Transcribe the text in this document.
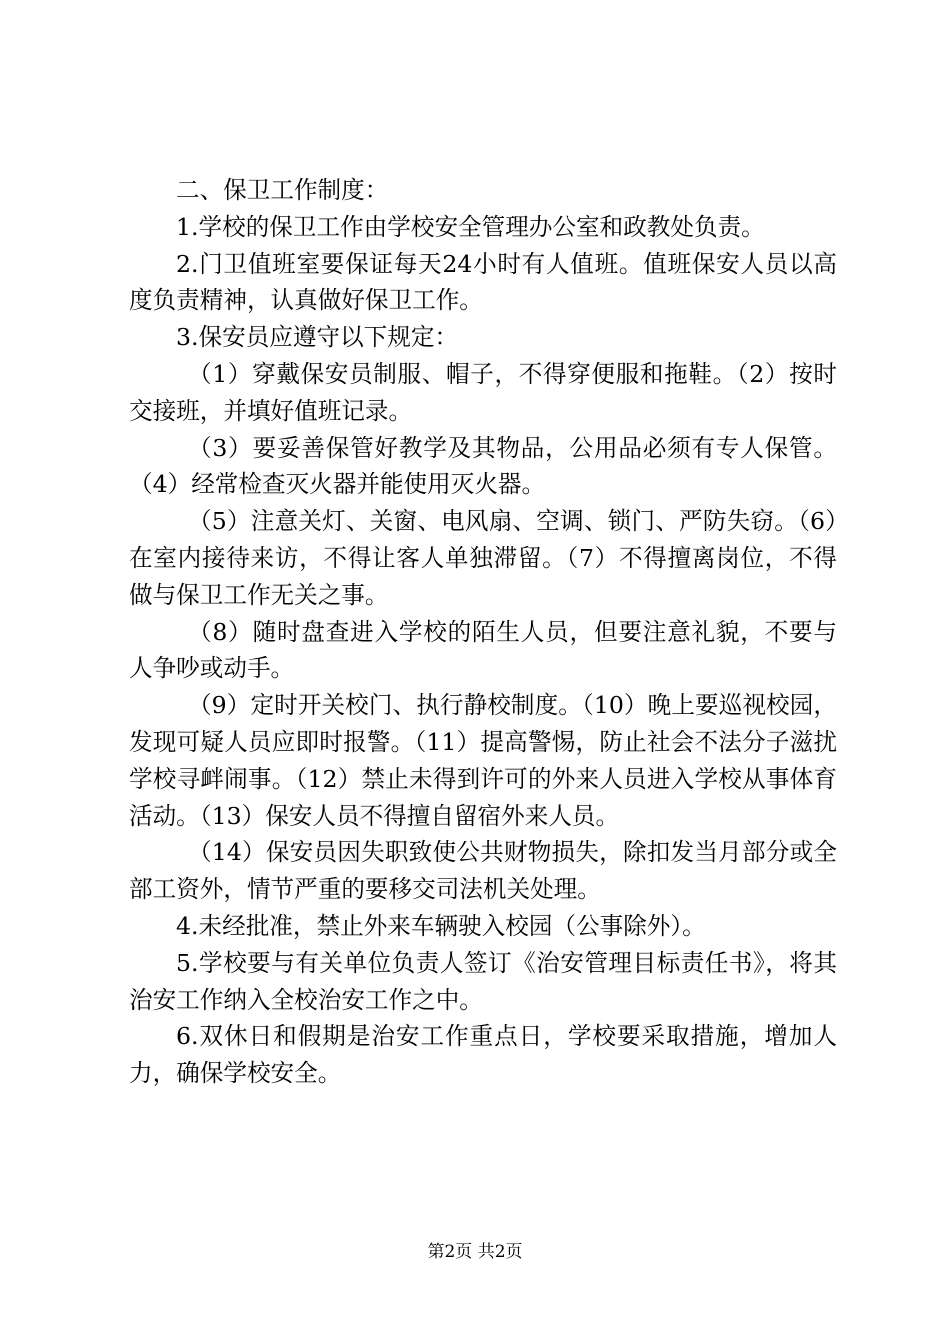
二、保卫工作制度：

1.学校的保卫工作由学校安全管理办公室和政教处负责。

2.门卫值班室要保证每天24小时有人值班。值班保安人员以高度负责精神，认真做好保卫工作。

3.保安员应遵守以下规定：

（1）穿戴保安员制服、帽子，不得穿便服和拖鞋。（2）按时交接班，并填好值班记录。

（3）要妥善保管好教学及其物品，公用品必须有专人保管。（4）经常检查灭火器并能使用灭火器。

（5）注意关灯、关窗、电风扇、空调、锁门、严防失窃。（6）在室内接待来访，不得让客人单独滞留。（7）不得擅离岗位，不得做与保卫工作无关之事。

（8）随时盘查进入学校的陌生人员，但要注意礼貌，不要与人争吵或动手。

（9）定时开关校门、执行静校制度。（10）晚上要巡视校园，发现可疑人员应即时报警。（11）提高警惕，防止社会不法分子滋扰学校寻衅闹事。（12）禁止未得到许可的外来人员进入学校从事体育活动。（13）保安人员不得擅自留宿外来人员。

（14）保安员因失职致使公共财物损失，除扣发当月部分或全部工资外，情节严重的要移交司法机关处理。

4.未经批准，禁止外来车辆驶入校园（公事除外）。

5.学校要与有关单位负责人签订《治安管理目标责任书》，将其治安工作纳入全校治安工作之中。

6.双休日和假期是治安工作重点日，学校要采取措施，增加人力，确保学校安全。

第2页 共2页
